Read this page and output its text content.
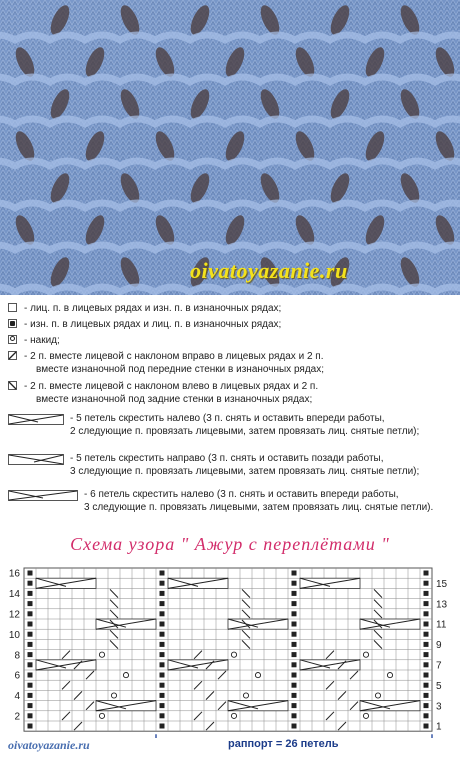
oivatoyazanie.ru
- лиц. п. в лицевых рядах и изн. п. в изнаночных рядах;
- изн. п. в лицевых рядах и лиц. п. в изнаночных рядах;
- накид;
- 2 п. вместе лицевой с наклоном вправо в лицевых рядах и 2 п.
вместе изнаночной под передние стенки в изнаночных рядах;
- 2 п. вместе лицевой с наклоном влево в лицевых рядах и 2 п.
вместе изнаночной под задние стенки в изнаночных рядах;
- 5 петель скрестить налево (3 п. снять и оставить впереди работы,
2 следующие п. провязать лицевыми, затем провязать лиц. снятые петли);
- 5 петель скрестить направо (3 п. снять и оставить позади работы,
3 следующие п. провязать лицевыми, затем провязать лиц. снятые петли);
- 6 петель скрестить налево (3 п. снять и оставить впереди работы,
3 следующие п. провязать лицевыми, затем провязать лиц. снятые петли).
Схема узора " Ажур с переплётами "
16
14
12
10
8
6
4
2
15
13
11
9
7
5
3
1
oivatoyazanie.ru	раппорт = 26 петель
